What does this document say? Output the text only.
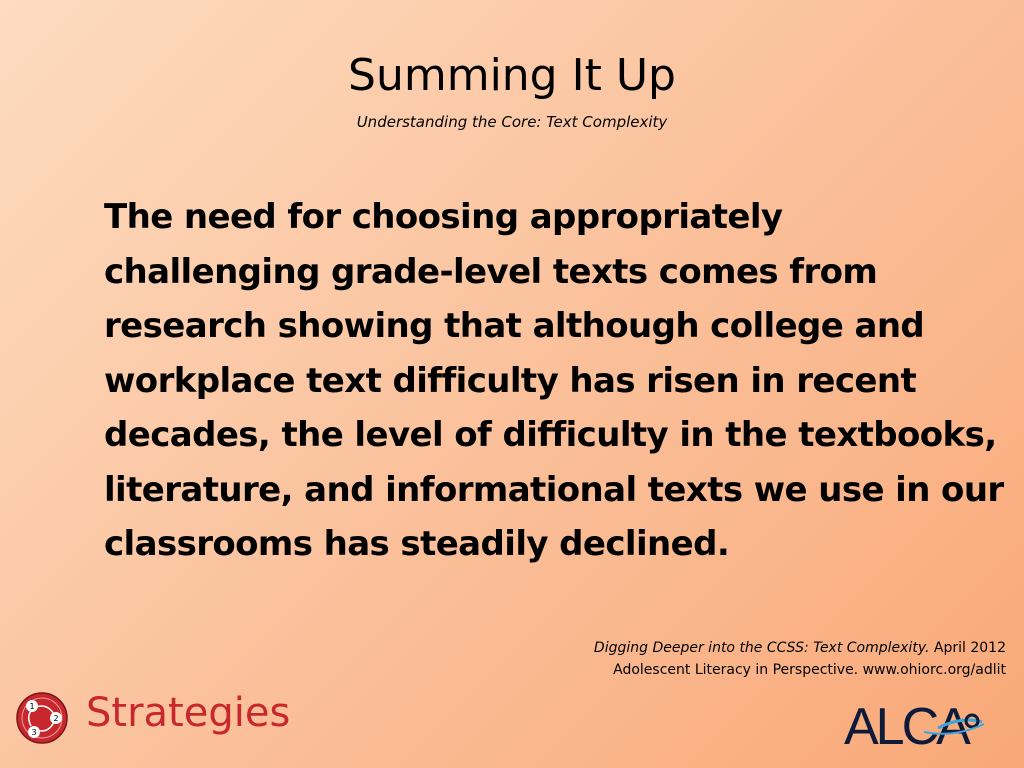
Summing It Up

Understanding the Core: Text Complexity

The need for choosing appropriately challenging grade-level texts comes from research showing that although college and workplace text difficulty has risen in recent decades, the level of difficulty in the textbooks, literature, and informational texts we use in our classrooms has steadily declined.

Digging Deeper into the CCSS: Text Complexity. April 2012
Adolescent Literacy in Perspective. www.ohiorc.org/adlit
1
2
3 Strategies	ALCA
